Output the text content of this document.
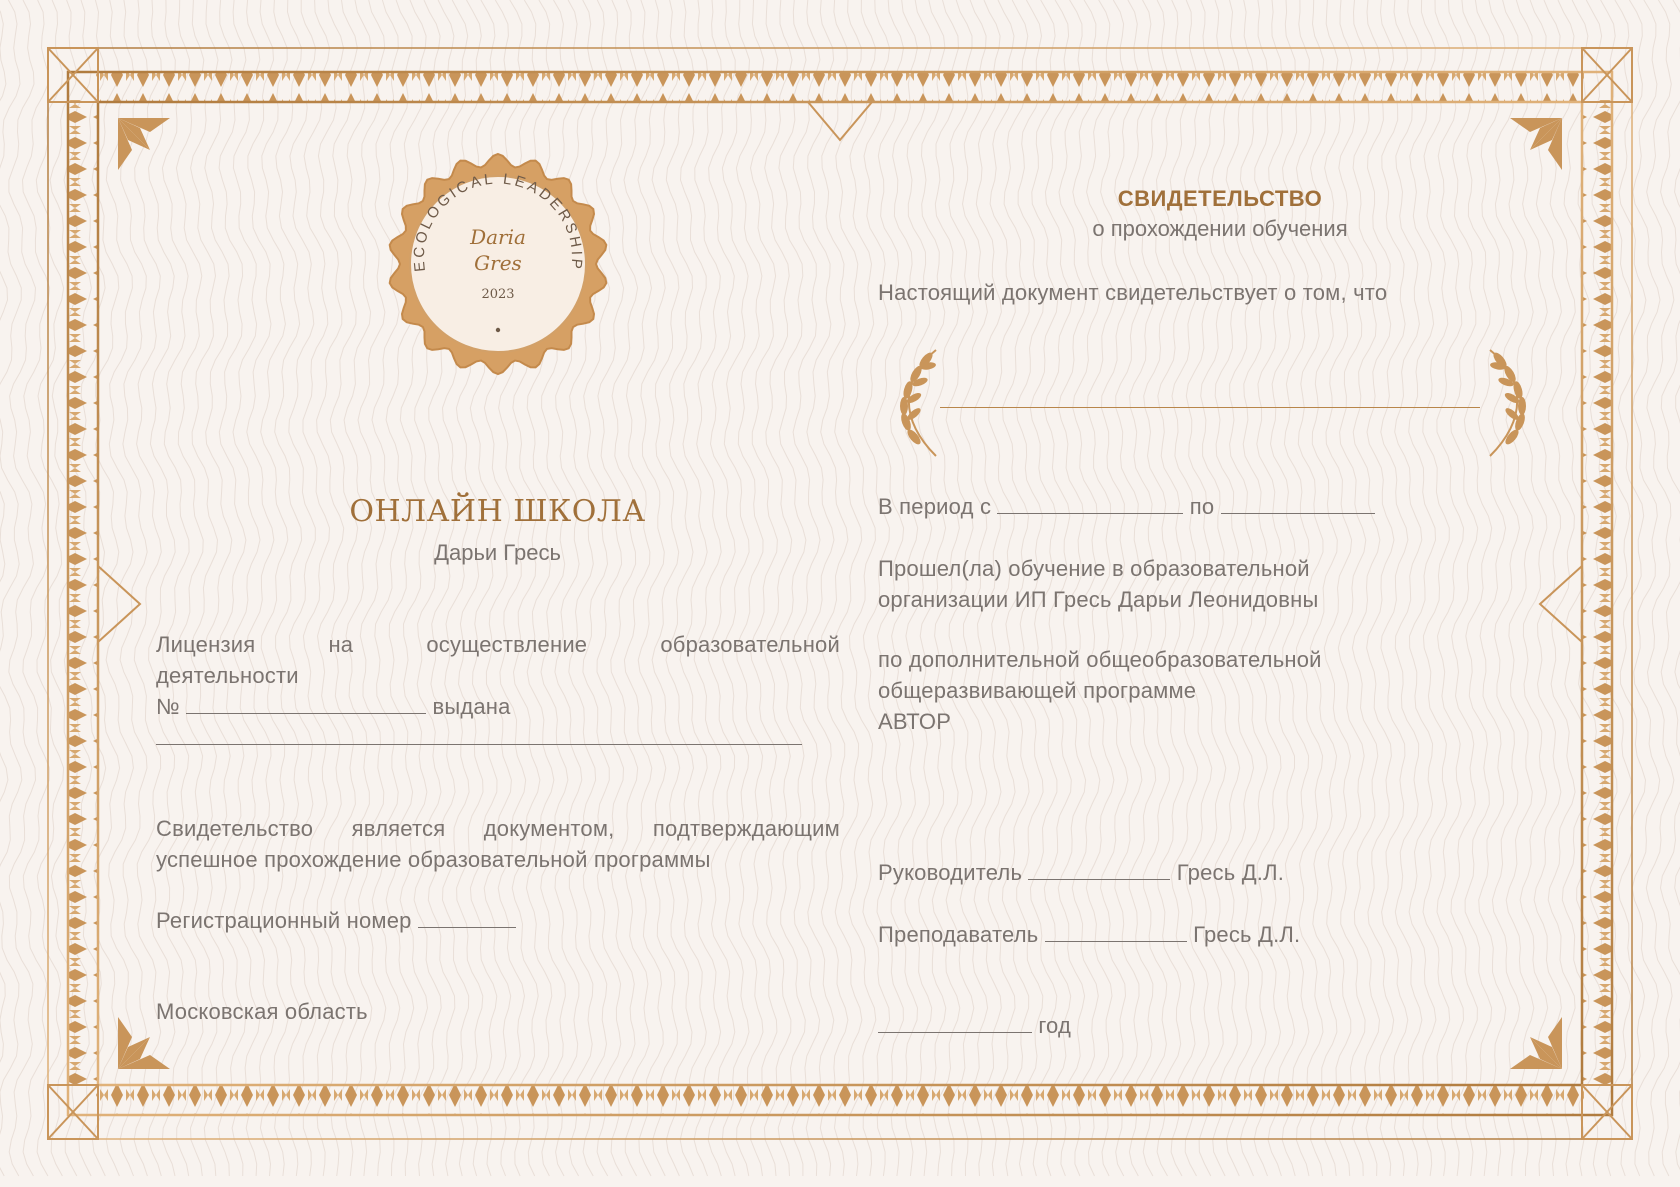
ECOLOGICAL LEADERSHIP
Daria
Gres
2023
ОНЛАЙН ШКОЛА
Дарьи Гресь
Лицензия	на	осуществление	образовательной
деятельности
№	выдана
Свидетельство является документом, подтверждающим успешное прохождение образовательной программы
Регистрационный номер
Московская область
СВИДЕТЕЛЬСТВО
о прохождении обучения
Настоящий документ свидетельствует о том, что
В период с	по
Прошел(ла) обучение в образовательной
организации ИП Гресь Дарьи Леонидовны
по дополнительной общеобразовательной
общеразвивающей программе
АВТОР
Руководитель	Гресь Д.Л.
Преподаватель	Гресь Д.Л.
год
